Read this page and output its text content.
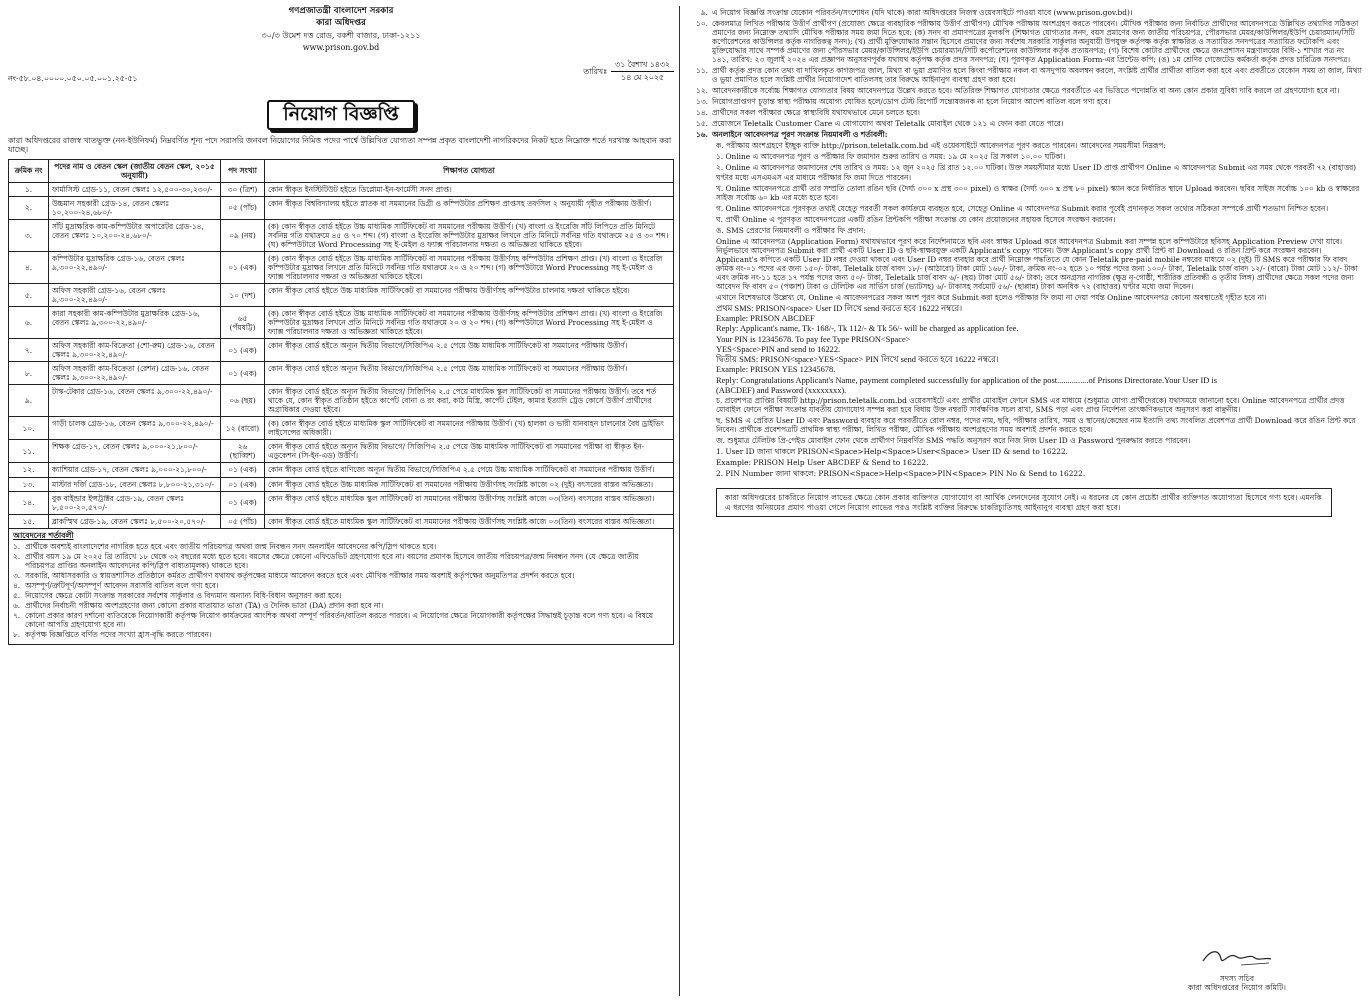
গণপ্রজাতন্ত্রী বাংলাদেশ সরকার
কারা অধিদপ্তর
৩০/৩ উমেশ দত্ত রোড, বকশী বাজার, ঢাকা-১২১১
www.prison.gov.bd
নং-৫৮.০৪.০০০০.০৫০.০৫.০০১.২৫-৫১
তারিখঃ
৩১ বৈশাখ ১৪৩২
১৪ মে ২০২৫
নিয়োগ বিজ্ঞপ্তি
কারা অধিদপ্তরের রাজস্ব খাতভুক্ত (নন-ইউনিফর্ম) নিম্নবর্ণিত শূন্য পদে সরাসরি জনবল নিয়োগের নিমিত্ত পদের পার্শ্বে উল্লিখিত যোগ্যতা সম্পন্ন প্রকৃত বাংলাদেশী নাগরিকদের নিকট হতে নিম্নোক্ত শর্তে দরখাস্ত আহবান করা যাচ্ছে।
ক্রমিক নং	পদের নাম ও বেতন স্কেল (জাতীয় বেতন স্কেল, ২০১৫ অনুযায়ী)	পদ সংখ্যা	শিক্ষাগত যোগ্যতা
১.	ফার্মাসিস্ট গ্রেড-১১, বেতন স্কেলঃ ১২,৫০০-৩০,২৩০/-	৩০ (ত্রিশ)	কোন স্বীকৃত ইনস্টিটিউট হইতে ডিপ্লোমা-ইন-ফার্মেসী সনদ প্রাপ্ত।
২.	উচ্চমান সহকারী গ্রেড-১৪, বেতন স্কেলঃ ১০,২০০-২৪,৬৮০/-	০৫ (পাঁচ)	কোন স্বীকৃত বিশ্ববিদ্যালয় হইতে স্নাতক বা সমমানের ডিগ্রী ও কম্পিউটার প্রশিক্ষণ প্রাপ্তসহ তফসিল ২ অনুযায়ী গৃহীত পরীক্ষায় উত্তীর্ণ।
৩.	সাঁট মুদ্রাক্ষরিক কাম-কম্পিউটার অপারেটর গ্রেড-১৪, বেতন স্কেলঃ ১০,২০০-২৪,৬৮০/-	০৯ (নয়)	(ক) কোন স্বীকৃত বোর্ড হইতে উচ্চ মাধ্যমিক সার্টিফিকেট বা সমমানের পরীক্ষায় উত্তীর্ণ। (খ) বাংলা ও ইংরেজি সাঁট লিপিতে প্রতি মিনিটে সর্বনিম্ন গতি যথাক্রমে ৪৫ ও ৭০ শব্দ। (গ) বাংলা ও ইংরেজি কম্পিউটার মুদ্রাক্ষর লিখনে প্রতি মিনিটে সর্বনিম্ন গতি যথাক্রমে ২৫ ও ৩০ শব্দ। (ঘ) কম্পিউটারে Word Processing সহ ই-মেইল ও ফ্যাক্স পরিচালনার দক্ষতা ও অভিজ্ঞতা থাকিতে হইবে।
৪.	কম্পিউটার মুদ্রাক্ষরিক গ্রেড-১৬, বেতন স্কেলঃ ৯,৩০০-২২,৪৯০/-	০১ (এক)	(ক) কোন স্বীকৃত বোর্ড হইতে উচ্চ মাধ্যমিক সার্টিফিকেট বা সমমানের পরীক্ষায় উত্তীর্ণসহ কম্পিউটার প্রশিক্ষণ প্রাপ্ত। (খ) বাংলা ও ইংরেজি কম্পিউটার মুদ্রাক্ষর লিখনে প্রতি মিনিটে সর্বনিম্ন গতি যথাক্রমে ২০ ও ২০ শব্দ। (গ) কম্পিউটারে Word Processing সহ ই-মেইল ও ফ্যাক্স পরিচালনার দক্ষতা ও অভিজ্ঞতা থাকিতে হইবে।
৫.	অফিস সহকারী গ্রেড-১৬, বেতন স্কেলঃ ৯,৩০০-২২,৪৯০/-	১০ (দশ)	কোন স্বীকৃত বোর্ড হইতে উচ্চ মাধ্যমিক সার্টিফিকেট বা সমমানের পরীক্ষায় উত্তীর্ণসহ কম্পিউটার চালনায় দক্ষতা থাকিতে হইবে।
৬.	কারা সহকারী কাম-কম্পিউটার মুদ্রাক্ষরিক গ্রেড-১৬, বেতন স্কেলঃ ৯,৩০০-২২,৪৯০/-	৬৫ (পঁয়ষট্টি)	(ক) কোন স্বীকৃত বোর্ড হইতে উচ্চ মাধ্যমিক সার্টিফিকেট বা সমমানের পরীক্ষায় উত্তীর্ণসহ কম্পিউটার প্রশিক্ষণ প্রাপ্ত। (খ) বাংলা ও ইংরেজি কম্পিউটার মুদ্রাক্ষর লিখনে প্রতি মিনিটে সর্বনিম্ন গতি যথাক্রমে ২০ ও ২০ শব্দ। (গ) কম্পিউটারে Word Processing সহ ই-মেইল ও ফ্যাক্স পরিচালনার দক্ষতা ও অভিজ্ঞতা থাকিতে হইবে।
৭.	অফিস সহকারী কাম-বিক্রেতা (শো-রুম) গ্রেড-১৬, বেতন স্কেলঃ ৯,৩০০-২২,৪৯০/-	০১ (এক)	কোন স্বীকৃত বোর্ড হইতে অন্যূন দ্বিতীয় বিভাগে/সিজিপিএ ২.৫ পেয়ে উচ্চ মাধ্যমিক সার্টিফিকেট বা সমমানের পরীক্ষায় উত্তীর্ণ।
৮.	অফিস সহকারী কাম-বিক্রেতা (রেশন) গ্রেড-১৬, বেতন স্কেলঃ ৯,৩০০-২২,৪৯০/-	০১ (এক)	কোন স্বীকৃত বোর্ড হইতে অন্যূন দ্বিতীয় বিভাগে/সিজিপিএ ২.৫ পেয়ে উচ্চ মাধ্যমিক সার্টিফিকেট বা সমমানের পরীক্ষায় উত্তীর্ণ।
৯.	টাস্ক-টেকার গ্রেড-১৬, বেতন স্কেলঃ ৯,৩০০-২২,৪৯০/-	০৬ (ছয়)	কোন স্বীকৃত বোর্ড হইতে অন্যূন দ্বিতীয় বিভাগে/ সিজিপিএ ২.৫ পেয়ে মাধ্যমিক স্কুল সার্টিফিকেট বা সমমানের পরীক্ষায় উত্তীর্ণ। তবে শর্ত থাকে যে, কোন স্বীকৃত প্রতিষ্ঠান হইতে কার্পেট বোনা ও রং করা, কাঠ মিস্ত্রি, কার্পেট টেইল, কামার ইত্যাদি ট্রেড কোর্সে উত্তীর্ণ প্রার্থীদের অগ্রাধিকার দেওয়া হইবে।
১০.	গাড়ী চালক গ্রেড-১৬, বেতন স্কেলঃ ৯,৩০০-২২,৪৯০/-	১২ (বারো)	(ক) কোন স্বীকৃত বোর্ড হইতে মাধ্যমিক স্কুল সার্টিফিকেট বা সমমানের পরীক্ষায় উত্তীর্ণ। (খ) হালকা ও ভারী যানবাহন চালনাের বৈধ ড্রাইভিং লাইসেন্সের অধিকারী।
১১.	শিক্ষক গ্রেড-১৭, বেতন স্কেলঃ ৯,০০০-২১,৮০০/-	২৬ (ছাব্বিশ)	কোন স্বীকৃত বোর্ড হইতে অন্যূন দ্বিতীয় বিভাগে/ সিজিপিএ ২.৫ পেয়ে উচ্চ মাধ্যমিক সার্টিফিকেট বা সমমানের পরীক্ষা বা স্বীকৃত ইন-এডুকেশন (সি-ইন-এড) উত্তীর্ণ।
১২.	ক্যাশিয়ার গ্রেড-১৭, বেতন স্কেলঃ ৯,০০০-২১,৮০০/-	০১ (এক)	কোন স্বীকৃত বোর্ড হইতে বাণিজ্যে অন্যূন দ্বিতীয় বিভাগে/সিজিপিএ ২.৫ পেয়ে উচ্চ মাধ্যমিক সার্টিফিকেট বা সমমানের পরীক্ষায় উত্তীর্ণ।
১৩.	মাস্টার দর্জি গ্রেড-১৮, বেতন স্কেলঃ ৮,৮০০-২১,৩১০/-	০১ (এক)	কোন স্বীকৃত বোর্ড হইতে উচ্চ মাধ্যমিক সার্টিফিকেট বা সমমানের পরীক্ষায় উত্তীর্ণসহ সংশ্লিষ্ট কাজে ০২ (দুই) বৎসরের বাস্তব অভিজ্ঞতা।
১৪.	বুক বাইন্ডার ইন্সট্রাক্টর গ্রেড-১৯, বেতন স্কেলঃ ৮,৫০০-২০,৫৭০/-	০১ (এক)	কোন স্বীকৃত বোর্ড হইতে মাধ্যমিক স্কুল সার্টিফিকেট বা সমমানের পরীক্ষায় উত্তীর্ণসহ সংশ্লিষ্ট কাজে ০৩(তিন) বৎসরের বাস্তব অভিজ্ঞতা।
১৫.	ব্লাকস্মিথ গ্রেড-১৯, বেতন স্কেলঃ ৮,৫০০-২০,৫৭০/-	০৫ (পাঁচ)	কোন স্বীকৃত বোর্ড হইতে মাধ্যমিক স্কুল সার্টিফিকেট বা সমমানের পরীক্ষায় উত্তীর্ণসহ সংশ্লিষ্ট কাজে ০৩(তিন) বৎসরের বাস্তব অভিজ্ঞতা।
আবেদনের শর্তাবলী
১. প্রার্থীকে অবশ্যই বাংলাদেশের নাগরিক হতে হবে এবং জাতীয় পরিচয়পত্র অথবা জন্ম নিবন্ধন সনদ অনলাইন আবেদনের কপি/স্লিপ থাকতে হবে।
২. প্রার্থীর বয়স ১৯ মে ২০২৫ খ্রি তারিখে ১৮ থেকে ৩২ বছরের মধ্যে হতে হবে। বয়সের ক্ষেত্রে কোনো এফিডেভিট গ্রহণযোগ্য হবে না। বয়সের প্রমাণক হিসেবে জাতীয় পরিচয়পত্র/জন্ম নিবন্ধন সনদ (যে ক্ষেত্রে জাতীয় পরিচয়পত্র প্রাপ্তির অনলাইন আবেদনের কপি/স্লিপ বাধ্যতামূলক) থাকতে হবে।
৩. সরকারি, আধাসরকারি ও স্বায়ত্তশাসিত প্রতিষ্ঠানে কর্মরত প্রার্থীগণ যথাযথ কর্তৃপক্ষের মাধ্যমে আবেদন করতে হবে এবং মৌখিক পরীক্ষার সময় অবশ্যই কর্তৃপক্ষের অনুমতিপত্র প্রদর্শন করতে হবে।
৪. অসম্পূর্ণ/ত্রুটিপূর্ণ/অসম্পূর্ণ আবেদন সরাসরি বাতিল বলে গণ্য হবে।
৫. নিয়োগের ক্ষেত্রে কোটা সংক্রান্ত সরকারের সর্বশেষ সার্কুলার ও বিদ্যমান অন্যান্য বিধি-বিধান অনুসরণ করা হবে।
৬. প্রার্থীদের নির্বাচনী পরীক্ষায় অংশগ্রহণের জন্য কোনো প্রকার যাতায়াত ভাতা (TA) ও দৈনিক ভাতা (DA) প্রদান করা হবে না।
৭. কোনো প্রকার কারণ দর্শানো ব্যতিরেকে নিয়োগকারী কর্তৃপক্ষ নিয়োগ কার্যক্রমের আংশিক অথবা সম্পূর্ণ পরিবর্তন/বাতিল করতে পারবে। এ নিয়োগের ক্ষেত্রে নিয়োগকারী কর্তৃপক্ষের সিদ্ধান্তই চূড়ান্ত বলে গণ্য হবে। এ বিষয়ে কোনো আপত্তি গ্রহণযোগ্য হবে না।
৮. কর্তৃপক্ষ বিজ্ঞপ্তিতে বর্ণিত পদের সংখ্যা হ্রাস-বৃদ্ধি করতে পারবেন।
৯. এ নিয়োগ বিজ্ঞপ্তি সংক্রান্ত যেকোন পরিবর্তন/সংশোধন (যদি থাকে) কারা অধিদপ্তরের নিজস্ব ওয়েবসাইটে পাওয়া যাবে (www.prison.gov.bd)।
১০. কেবলমাত্র লিখিত পরীক্ষায় উত্তীর্ণ প্রার্থীগণ (প্রযোজ্য ক্ষেত্রে ব্যবহারিক পরীক্ষায় উত্তীর্ণ প্রার্থীগণ) মৌখিক পরীক্ষায় অংশগ্রহণ করতে পারবেন। মৌখিক পরীক্ষার জন্য নির্বাচিত প্রার্থীদের আবেদনপত্রে উল্লিখিত তথ্যাদির সঠিকতা প্রমাণের জন্য নিম্নোক্ত তথ্যাদি মৌখিক পরীক্ষার সময় জমা দিতে হবে: (ক) সনদ বা প্রমাণপত্রের মূলকপি (শিক্ষাগত যোগ্যতার সনদ, বয়স প্রমাণের জন্য জাতীয় পরিচয়পত্র, পৌরসভার মেয়র/কাউন্সিলর/ইউপি চেয়ারম্যান/সিটি কর্পোরেশনের কাউন্সিলর কর্তৃক নাগরিকত্ব সনদ); (খ) প্রার্থী মুক্তিযোদ্ধার সন্তান হিসেবে প্রমাণের জন্য সর্বশেষ সরকারি সার্কুলার অনুযায়ী উপযুক্ত কর্তৃপক্ষ কর্তৃক স্বাক্ষরিত ও সত্যায়িত সনদপত্রের সত্যায়িত ফটোকপি এবং মুক্তিযোদ্ধার সাথে সম্পর্ক প্রমাণের জন্য পৌরসভার মেয়র/কাউন্সিলর/ইউপি চেয়ারম্যান/সিটি কর্পোরেশনের কাউন্সিলর কর্তৃক প্রত্যয়নপত্র; (গ) বিশেষ কোটার প্রার্থীদের ক্ষেত্রে জনপ্রশাসন মন্ত্রণালয়ের বিধি-১ শাখার পত্র নং ১৪১, তারিখ: ২৩ জুলাই ২০২৪ এর প্রজ্ঞাপন অনুসরণপূর্বক যথাযথ কর্তৃপক্ষ কর্তৃক প্রদত্ত সনদপত্র; (ঘ) পূরণকৃত Application Form-এর প্রিন্টেড কপি; (ঙ) ১ম শ্রেণির গেজেটেড কর্মকর্তা কর্তৃক প্রদত্ত চারিত্রিক সনদপত্র।
১১. প্রার্থী কর্তৃক প্রদত্ত কোন তথ্য বা দাখিলকৃত কাগজপত্র জাল, মিথ্যা বা ভুয়া প্রমাণিত হলে কিংবা পরীক্ষায় নকল বা অসদুপায় অবলম্বন করলে, সংশ্লিষ্ট প্রার্থীর প্রার্থীতা বাতিল করা হবে এবং প্রবর্তীতে যেকোন সময় তা জাল, মিথ্যা ও ভুয়া প্রমাণিত হলে সংশ্লিষ্ট প্রার্থীর নিয়োগাদেশ বাতিলসহ তার বিরুদ্ধে আইনানুগ ব্যবস্থা গ্রহণ করা হবে।
১২. আবেদনকারীকে সর্বোচ্চ শিক্ষাগত যোগ্যতার বিষয় আবেদনপত্রে উল্লেখ করতে হবে। অতিরিক্ত শিক্ষাগত যোগ্যতার ক্ষেত্রে পরবর্তীতে এর ভিত্তিতে পদোন্নতি বা অন্য কোন প্রকার সুবিধা দাবি করলে তা গ্রহণযোগ্য হবে না।
১৩. নিয়োগপ্রাপ্তগণ চূড়ান্ত স্বাস্থ্য পরীক্ষায় অযোগ্য ঘোষিত হলে/ডোপ টেস্ট রিপোর্ট সন্তোষজনক না হলে নিয়োগ আদেশ বাতিল বলে গণ্য হবে।
১৪. প্রার্থীদের সকল পরীক্ষার ক্ষেত্রে স্বাস্থ্যবিধি যথাযথভাবে মেনে চলতে হবে।
১৫. প্রয়োজনে Teletalk Customer Care এ যোগাযোগ অথবা Teletalk মোবাইল থেকে ১২১ এ ফোন করা যেতে পারে।
১৬. অনলাইনে আবেদনপত্র পূরণ সংক্রান্ত নিয়মাবলী ও শর্তাবলী:

ক. পরীক্ষায় অংশগ্রহণে ইচ্ছুক ব্যক্তি http://prison.teletalk.com.bd এই ওয়েবসাইটে আবেদনপত্র পূরণ করতে পারবেন। আবেদনের সময়সীমা নিম্নরূপ:

১. Online এ আবেদনপত্র পূরণ ও পরীক্ষার ফি জমাদান শুরুর তারিখ ও সময়: ১৯ মে ২০২৫ খ্রি সকাল ১০.০০ ঘটিকা।

২. Online এ আবেদনপত্র জমাদানের শেষ তারিখ ও সময়: ১২ জুন ২০২৫ খ্রি রাত ১২.০০ ঘটিকা। উক্ত সময়সীমার মধ্যে User ID প্রাপ্ত প্রার্থীগণ Online এ আবেদনপত্র Submit এর সময় থেকে পরবর্তী ৭২ (বাহাত্তর) ঘণ্টার মধ্যে এসএমএস এর মাধ্যমে পরীক্ষার ফি জমা দিতে পারবেন।

খ. Online আবেদনপত্রে প্রার্থী তার সম্প্রতি তোলা রঙিন ছবি (দৈর্ঘ্য ৩০০ x প্রস্থ ৩০০ pixel) ও স্বাক্ষর (দৈর্ঘ্য ৩০০ x প্রস্থ ৮০ pixel) স্ক্যান করে নির্ধারিত স্থানে Upload করবেন। ছবির সাইজ সর্বোচ্চ ১০০ kb ও স্বাক্ষরের সাইজ সর্বোচ্চ ৬০ kb এর মধ্যে হতে হবে।

গ. Online আবেদনপত্রে পূরণকৃত তথ্যই যেহেতু পরবর্তী সকল কার্যক্রমে ব্যবহৃত হবে, সেহেতু Online এ আবেদনপত্র Submit করার পূর্বেই প্রদানকৃত সকল তথ্যের সঠিকতা সম্পর্কে প্রার্থী শতভাগ নিশ্চিত হবেন।

ঘ. প্রার্থী Online এ পূরণকৃত আবেদনপত্রের একটি রঙিন প্রিন্টকপি পরীক্ষা সংক্রান্ত যে কোন প্রয়োজনের সহায়ক হিসেবে সংরক্ষণ করবেন।

ঙ. SMS প্রেরণের নিয়মাবলী ও পরীক্ষার ফি প্রদান:

Online এ আবেদনপত্র (Application Form) যথাযথভাবে পূরণ করে নির্দেশনামতে ছবি এবং স্বাক্ষর Upload করে আবেদনপত্র Submit করা সম্পন্ন হলে কম্পিউটারে ছবিসহ Application Preview দেখা যাবে। নির্ভুলভাবে আবেদনপত্র Submit করা প্রার্থী একটি User ID ও ছবি-স্বাক্ষরযুক্ত একটি Applicant's copy পাবেন। উক্ত Applicant's copy প্রার্থী প্রিন্ট বা Download ও রঙিন প্রিন্ট করে সংরক্ষণ করবেন। Applicant's কপিতে একটি User ID নম্বর দেওয়া থাকবে এবং User ID নম্বর ব্যবহার করে প্রার্থী নিম্নোক্ত পদ্ধতিতে যে কোন Teletalk pre-paid mobile নম্বরের মাধ্যমে ০২ (দুই) টি SMS করে পরীক্ষার ফি বাবদ ক্রমিক নং-০১ পদের এর জন্য ১৫০/- টাকা, Teletalk চার্জ বাবদ ১৮/- (আঠারো) টাকা মোট ১৬৮/- টাকা, ক্রমিক নং-০২ হতে ১০ পর্যন্ত পদের জন্য ১০০/- টাকা, Teletalk চার্জ বাবদ ১২/- (বারো) টাকা মোট ১১২/- টাকা এবং ক্রমিক নং-১১ হতে ১৭ পর্যন্ত পদের জন্য ৫০/- টাকা, Teletalk চার্জ বাবদ ৬/- (ছয়) টাকা মোট ৫৬/- টাকা; তবে অনগ্রসর নাগরিক (ক্ষুদ্র নৃ-গোষ্ঠী, শারীরিক প্রতিবন্ধী ও তৃতীয় লিঙ্গ) প্রার্থীদের ক্ষেত্রে সকল পদের জন্য আবেদন ফি বাবদ ৫০ (পঞ্চাশ) টাকা ও টেলিটক এর সার্ভিস চার্জ (ভ্যাটসহ) ৬/- টাকাসহ সর্বমোট ৫৬/- (ছাপ্পান্ন) টাকা অনধিক ৭২ (বাহাত্তর) ঘণ্টার মধ্যে জমা দিবেন।

এখানে বিশেষভাবে উল্লেখ্য যে, Online এ আবেদনপত্রের সকল অংশ পূরণ করে Submit করা হলেও পরীক্ষার ফি জমা না দেয়া পর্যন্ত Online আবেদনপত্র কোনো অবস্থাতেই গৃহীত হবে না।

প্রথম SMS: PRISON<space> User ID লিখে send করতে হবে 16222 নম্বরে।

Example: PRISON ABCDEF

Reply: Applicant's name, Tk- 168/-, Tk 112/- & Tk 56/- will be charged as application fee.

Your PIN is 12345678. To pay fee Type PRISON<Space>

YES<Space>PIN and send to 16222.

দ্বিতীয় SMS: PRISON<space>YES<Space> PIN লিখে send করতে হবে 16222 নম্বরে।

Example: PRISON YES 12345678.

Reply: Congratulations Applicant's Name, payment completed successfully for application of the post...............of Prisons Directorate.Your User ID is

(ABCDEF) and Password (xxxxxxxx).

চ. প্রবেশপত্র প্রাপ্তির বিষয়টি http://prison.teletalk.com.bd ওয়েবসাইটে এবং প্রার্থীর মোবাইল ফোনে SMS এর মাধ্যমে (শুধুমাত্র যোগ্য প্রার্থীদেরকে) যথাসময়ে জানানো হবে। Online আবেদনপত্রে প্রার্থীর প্রদত্ত মোবাইল ফোনে পরীক্ষা সংক্রান্ত যাবতীয় যোগাযোগ সম্পন্ন করা হবে বিধায় উক্ত নম্বরটি সার্বক্ষণিক সচল রাখা, SMS পড়া এবং প্রাপ্ত নির্দেশনা তাৎক্ষণিকভাবে অনুসরণ করা বাঞ্ছনীয়।

ছ. SMS এ প্রেরিত User ID এবং Password ব্যবহার করে পরবর্তীতে রোল নম্বর, পদের নাম, ছবি, পরীক্ষার তারিখ, সময় ও স্থানের/কেন্দ্রের নাম ইত্যাদি তথ্য সংবলিত প্রবেশপত্র প্রার্থী Download করে রঙিন প্রিন্ট করে নিবেন। প্রার্থীকে প্রবেশপত্রটি প্রাথমিক স্বাস্থ্য পরীক্ষা, লিখিত পরীক্ষা, মৌখিক পরীক্ষায় অংশগ্রহণের সময় অবশ্যই প্রদর্শন করতে হবে।

জ. শুধুমাত্র টেলিটক প্রি-পেইড মোবাইল ফোন থেকে প্রার্থীগণ নিম্নবর্ণিত SMS পদ্ধতি অনুসরণ করে নিজ নিজ User ID ও Password পুনরুদ্ধার করতে পারবেন।

1. User ID জানা থাকলে PRISON<Space>Help<Space>User<Space> User ID & send to 16222.

Example: PRISON Help User ABCDEF & Send to 16222.

2. PIN Number জানা থাকলে: PRISON<Space>Help<Space>PIN<Space> PIN No & Send to 16222.

কারা অধিদপ্তরের চাকরিতে নিয়োগ লাভের ক্ষেত্রে কোন প্রকার ব্যক্তিগত যোগাযোগ বা আর্থিক লেনদেনের সুযোগ নেই। এ ধরনের যে কোন প্রচেষ্টা প্রার্থীর ব্যক্তিগত অযোগ্যতা হিসেবে গণ্য হবে। এমনকি এ ধরণের অনিয়মের প্রমাণ পাওয়া গেলে নিয়োগ লাভের পরও সংশ্লিষ্ট ব্যক্তির বিরুদ্ধে চাকরিচ্যুতিসহ আইনানুগ ব্যবস্থা গ্রহণ করা হবে।
সদস্য সচিব
কারা অধিদপ্তরের নিয়োগ কমিটি।
